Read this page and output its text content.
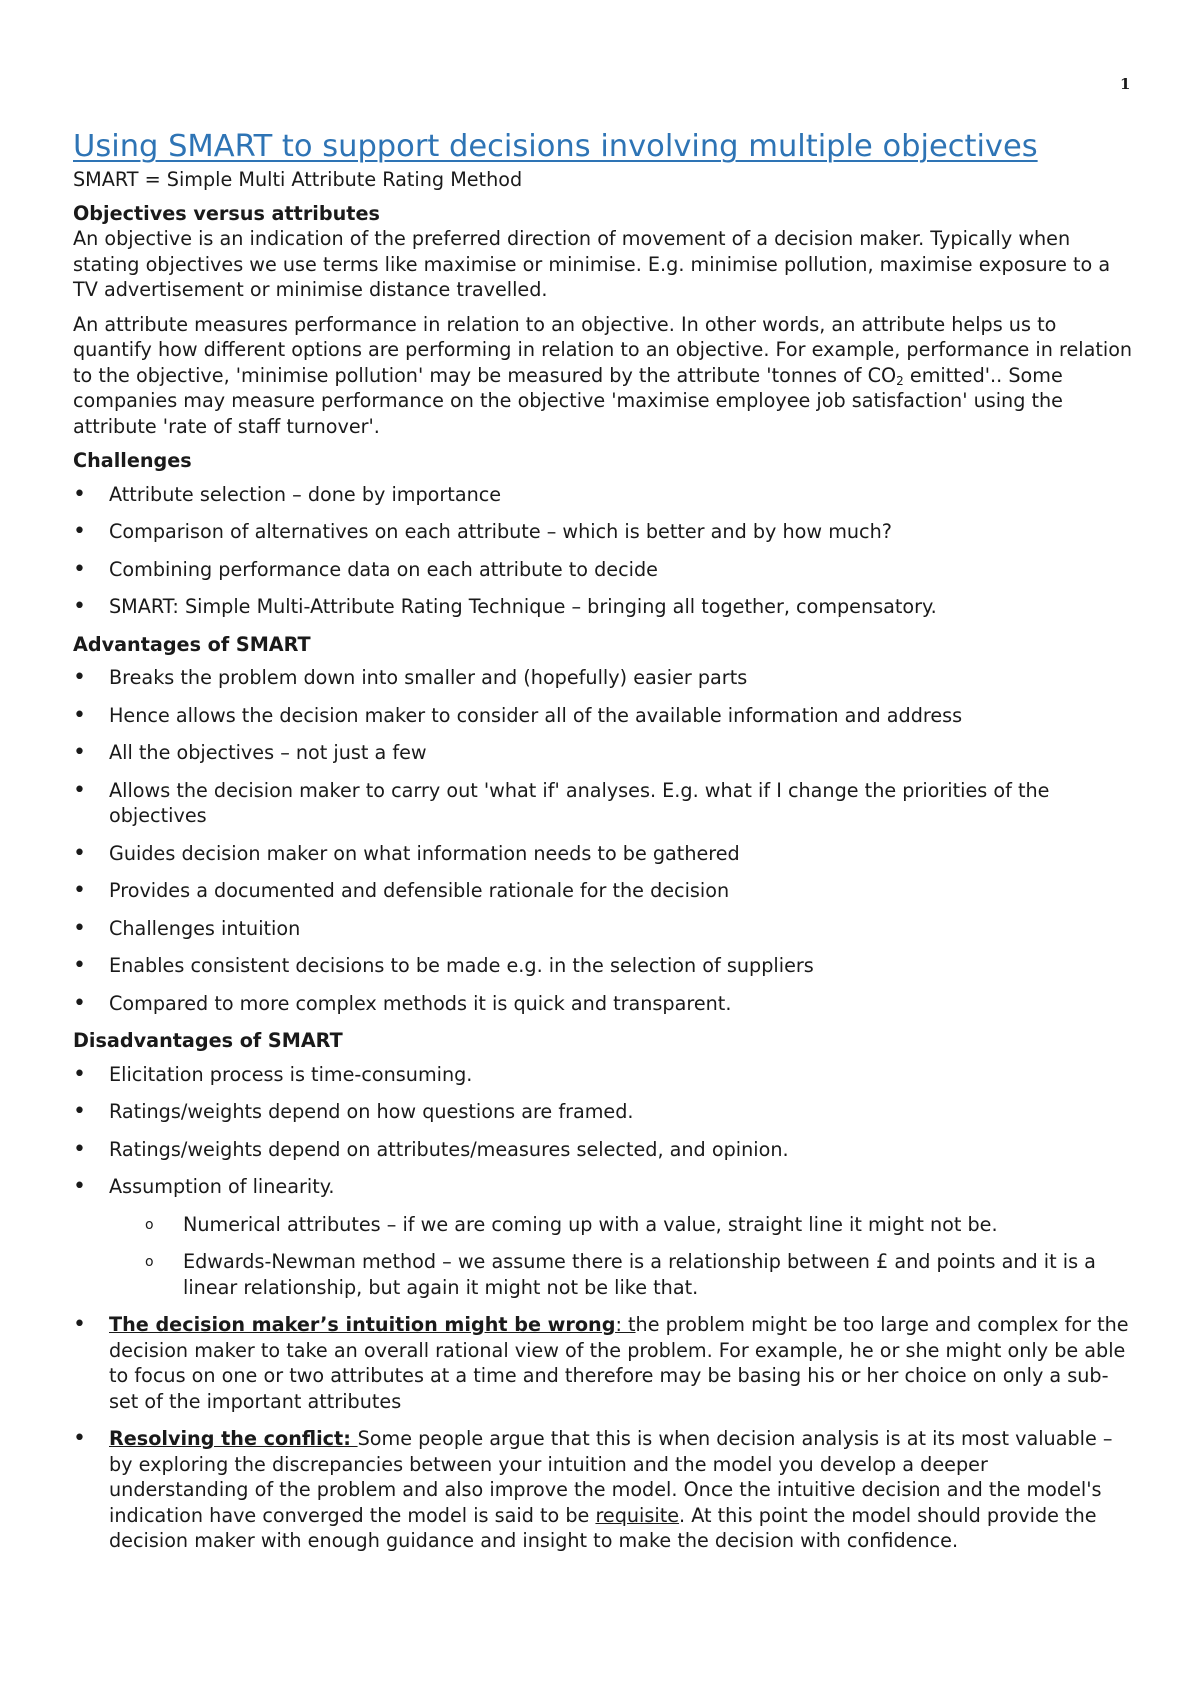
1
Using SMART to support decisions involving multiple objectives
SMART = Simple Multi Attribute Rating Method
Objectives versus attributes

An objective is an indication of the preferred direction of movement of a decision maker. Typically when stating objectives we use terms like maximise or minimise. E.g. minimise pollution, maximise exposure to a TV advertisement or minimise distance travelled.

An attribute measures performance in relation to an objective. In other words, an attribute helps us to quantify how different options are performing in relation to an objective. For example, performance in relation to the objective, 'minimise pollution' may be measured by the attribute 'tonnes of $CO_2$ emitted'.. Some companies may measure performance on the objective 'maximise employee job satisfaction' using the attribute 'rate of staff turnover'.

Challenges
• Attribute selection – done by importance
• Comparison of alternatives on each attribute – which is better and by how much?
• Combining performance data on each attribute to decide
• SMART: Simple Multi-Attribute Rating Technique – bringing all together, compensatory.
Advantages of SMART
• Breaks the problem down into smaller and (hopefully) easier parts
• Hence allows the decision maker to consider all of the available information and address
• All the objectives – not just a few
• Allows the decision maker to carry out 'what if' analyses. E.g. what if I change the priorities of the objectives
• Guides decision maker on what information needs to be gathered
• Provides a documented and defensible rationale for the decision
• Challenges intuition
• Enables consistent decisions to be made e.g. in the selection of suppliers
• Compared to more complex methods it is quick and transparent.
Disadvantages of SMART
• Elicitation process is time-consuming.
• Ratings/weights depend on how questions are framed.
• Ratings/weights depend on attributes/measures selected, and opinion.
• Assumption of linearity.
o Numerical attributes – if we are coming up with a value, straight line it might not be.
o Edwards-Newman method – we assume there is a relationship between £ and points and it is a linear relationship, but again it might not be like that.
• The decision maker’s intuition might be wrong: the problem might be too large and complex for the decision maker to take an overall rational view of the problem. For example, he or she might only be able to focus on one or two attributes at a time and therefore may be basing his or her choice on only a sub-set of the important attributes
• Resolving the conflict: Some people argue that this is when decision analysis is at its most valuable – by exploring the discrepancies between your intuition and the model you develop a deeper understanding of the problem and also improve the model. Once the intuitive decision and the model's indication have converged the model is said to be requisite. At this point the model should provide the decision maker with enough guidance and insight to make the decision with confidence.
